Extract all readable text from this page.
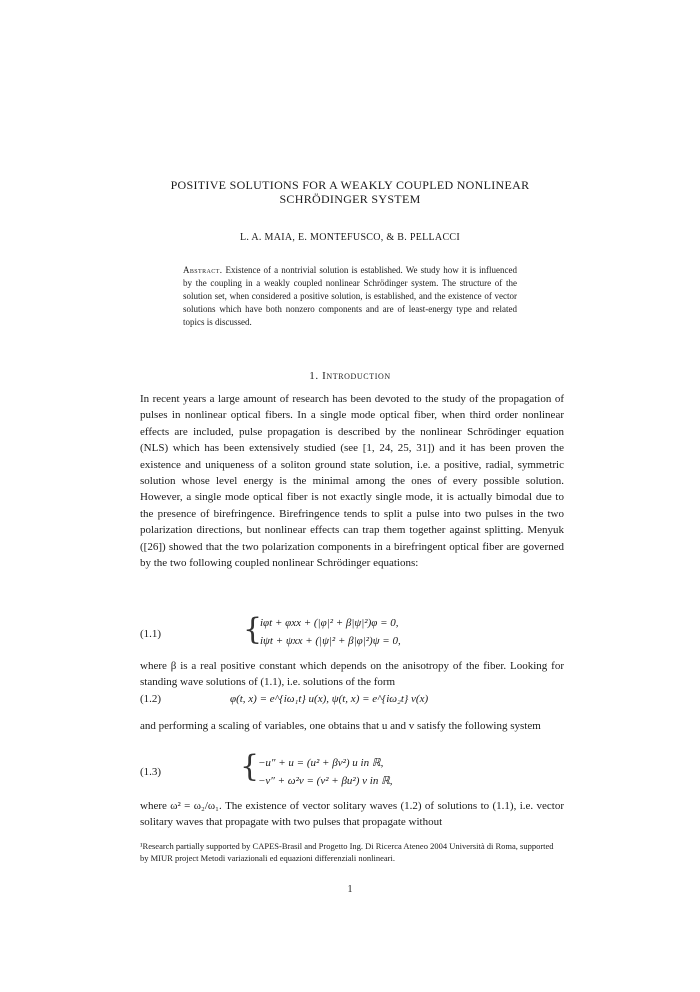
POSITIVE SOLUTIONS FOR A WEAKLY COUPLED NONLINEAR
SCHRÖDINGER SYSTEM
L. A. MAIA, E. MONTEFUSCO, & B. PELLACCI
Abstract. Existence of a nontrivial solution is established. We study how it is influenced by the coupling in a weakly coupled nonlinear Schrödinger system. The structure of the solution set, when considered a positive solution, is established, and the existence of vector solutions which have both nonzero components and are of least-energy type and related topics is discussed.
1. Introduction
In recent years a large amount of research has been devoted to the study of the propagation of pulses in nonlinear optical fibers. In a single mode optical fiber, when third order nonlinear effects are included, pulse propagation is described by the nonlinear Schrödinger equation (NLS) which has been extensively studied (see [1, 24, 25, 31]) and it has been proven the existence and uniqueness of a soliton ground state solution, i.e. a positive, radial, symmetric solution whose level energy is the minimal among the ones of every possible solution. However, a single mode optical fiber is not exactly single mode, it is actually bimodal due to the presence of birefringence. Birefringence tends to split a pulse into two pulses in the two polarization directions, but nonlinear effects can trap them together against splitting. Menyuk ([26]) showed that the two polarization components in a birefringent optical fiber are governed by the two following coupled nonlinear Schrödinger equations:
(1.1)	{
iφt + φxx + (|φ|² + β|ψ|²)φ = 0,
iψt + ψxx + (|ψ|² + β|φ|²)ψ = 0,
where β is a real positive constant which depends on the anisotropy of the fiber. Looking for standing wave solutions of (1.1), i.e. solutions of the form
(1.2)	φ(t, x) = e^{iω₁t} u(x), ψ(t, x) = e^{iω₂t} v(x)
and performing a scaling of variables, one obtains that u and v satisfy the following system
(1.3)	{
−u″ + u = (u² + βv²) u in ℝ,
−v″ + ω²v = (v² + βu²) v in ℝ,
where ω² = ω₂/ω₁. The existence of vector solitary waves (1.2) of solutions to (1.1), i.e. vector solitary waves that propagate with two pulses that propagate without
¹Research partially supported by CAPES-Brasil and Progetto Ing. Di Ricerca Ateneo 2004 Università di Roma, supported by MIUR project Metodi variazionali ed equazioni differenziali nonlineari.
1
